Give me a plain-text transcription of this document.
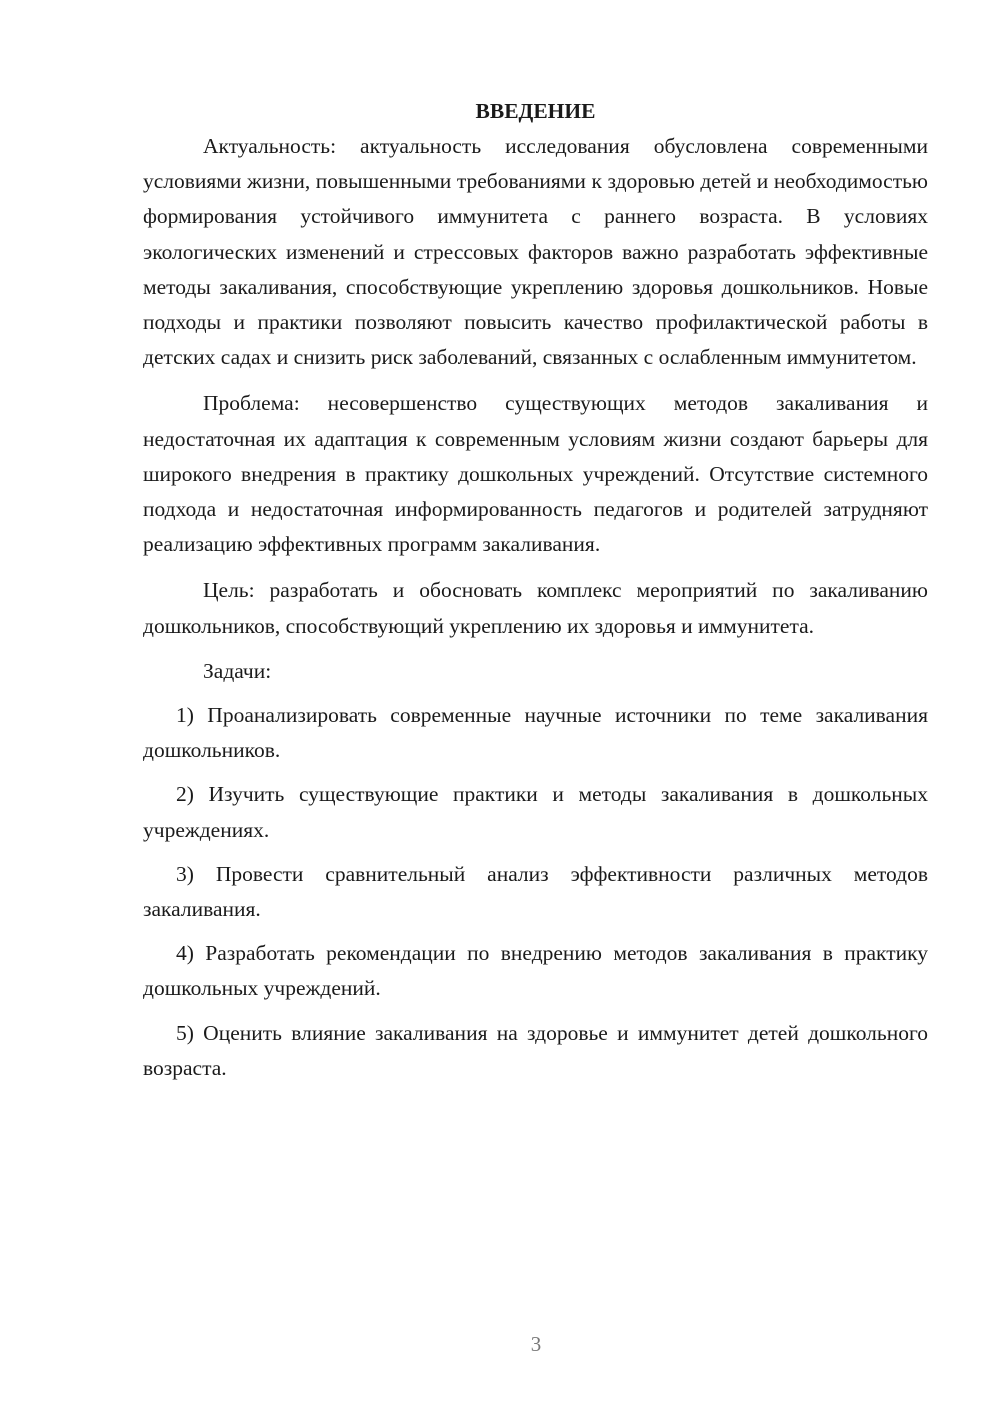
ВВЕДЕНИЕ

Актуальность: актуальность исследования обусловлена современными условиями жизни, повышенными требованиями к здоровью детей и необходимостью формирования устойчивого иммунитета с раннего возраста. В условиях экологических изменений и стрессовых факторов важно разработать эффективные методы закаливания, способствующие укреплению здоровья дошкольников. Новые подходы и практики позволяют повысить качество профилактической работы в детских садах и снизить риск заболеваний, связанных с ослабленным иммунитетом.

Проблема: несовершенство существующих методов закаливания и недостаточная их адаптация к современным условиям жизни создают барьеры для широкого внедрения в практику дошкольных учреждений. Отсутствие системного подхода и недостаточная информированность педагогов и родителей затрудняют реализацию эффективных программ закаливания.

Цель: разработать и обосновать комплекс мероприятий по закаливанию дошкольников, способствующий укреплению их здоровья и иммунитета.

Задачи:

1) Проанализировать современные научные источники по теме закаливания дошкольников.

2) Изучить существующие практики и методы закаливания в дошкольных учреждениях.

3) Провести сравнительный анализ эффективности различных методов закаливания.

4) Разработать рекомендации по внедрению методов закаливания в практику дошкольных учреждений.

5) Оценить влияние закаливания на здоровье и иммунитет детей дошкольного возраста.

3
